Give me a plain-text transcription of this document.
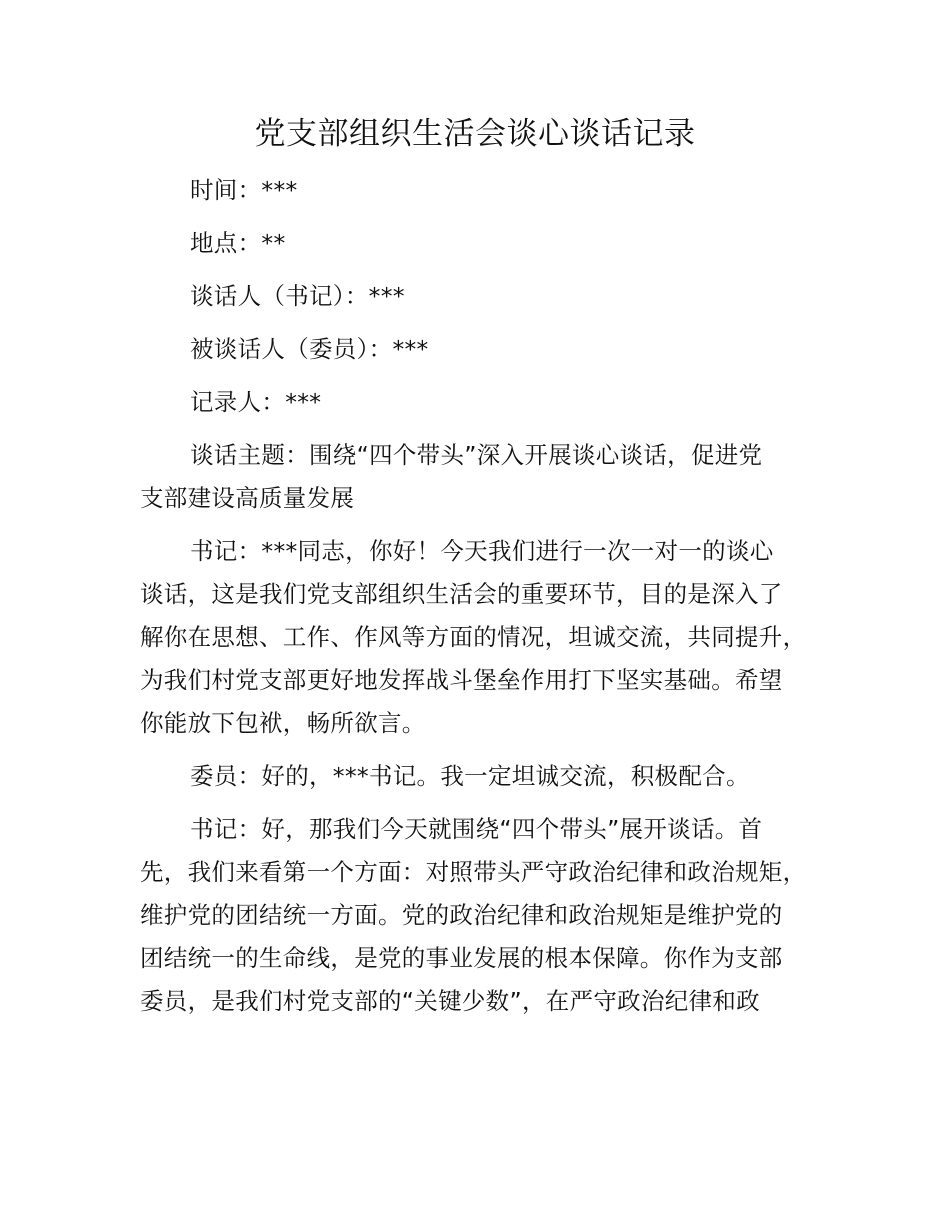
党支部组织生活会谈心谈话记录
时间：***
地点：**
谈话人（书记）：***
被谈话人（委员）：***
记录人：***
谈话主题：围绕“四个带头”深入开展谈心谈话，促进党
支部建设高质量发展
书记：***同志，你好！今天我们进行一次一对一的谈心
谈话，这是我们党支部组织生活会的重要环节，目的是深入了
解你在思想、工作、作风等方面的情况，坦诚交流，共同提升，
为我们村党支部更好地发挥战斗堡垒作用打下坚实基础。希望
你能放下包袱，畅所欲言。
委员：好的，***书记。我一定坦诚交流，积极配合。
书记：好，那我们今天就围绕“四个带头”展开谈话。首
先，我们来看第一个方面：对照带头严守政治纪律和政治规矩，
维护党的团结统一方面。党的政治纪律和政治规矩是维护党的
团结统一的生命线，是党的事业发展的根本保障。你作为支部
委员，是我们村党支部的“关键少数”，在严守政治纪律和政
